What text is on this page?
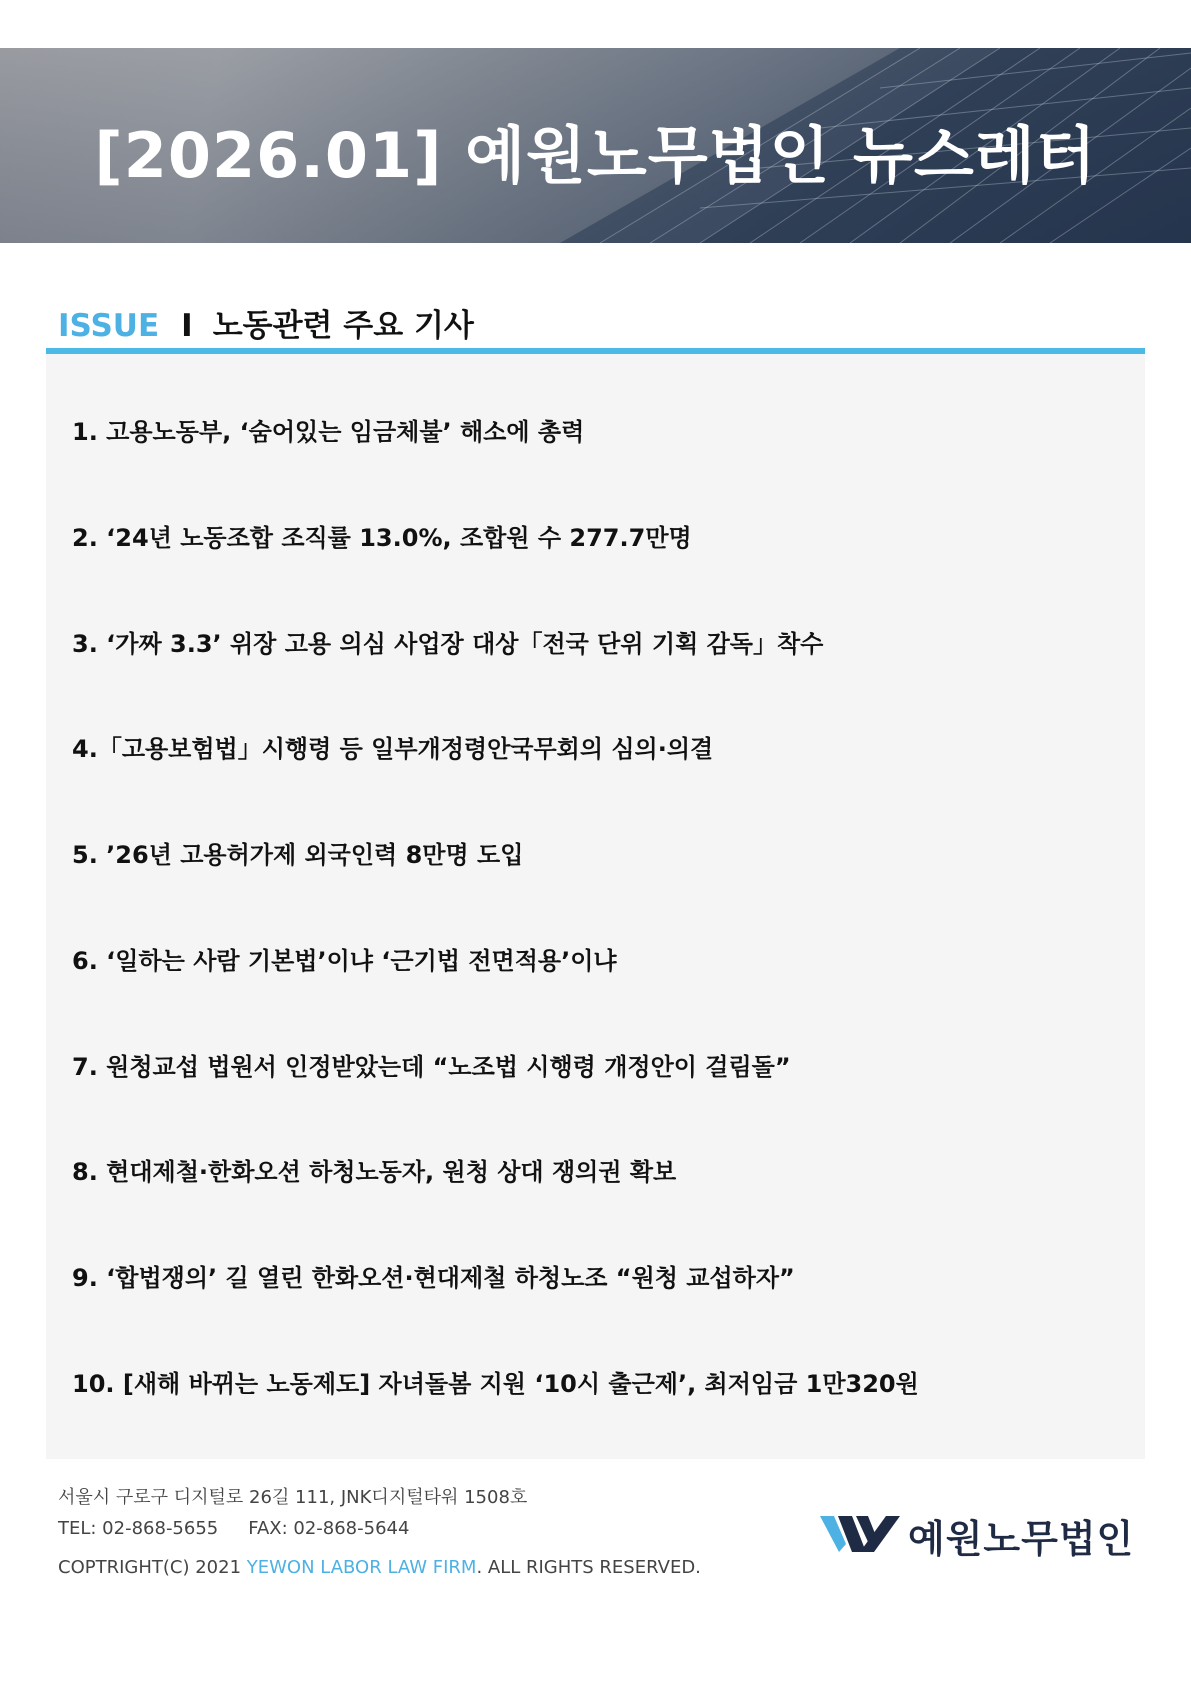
[2026.01] 예원노무법인 뉴스레터
ISSUE I 노동관련 주요 기사
1. 고용노동부, ‘숨어있는 임금체불’ 해소에 총력
2. ‘24년 노동조합 조직률 13.0%, 조합원 수 277.7만명
3. ‘가짜 3.3’ 위장 고용 의심 사업장 대상「전국 단위 기획 감독」착수
4.「고용보험법」시행령 등 일부개정령안국무회의 심의·의결
5. ’26년 고용허가제 외국인력 8만명 도입
6. ‘일하는 사람 기본법’이냐 ‘근기법 전면적용’이냐
7. 원청교섭 법원서 인정받았는데 “노조법 시행령 개정안이 걸림돌”
8. 현대제철·한화오션 하청노동자, 원청 상대 쟁의권 확보
9. ‘합법쟁의’ 길 열린 한화오션·현대제철 하청노조 “원청 교섭하자”
10. [새해 바뀌는 노동제도] 자녀돌봄 지원 ‘10시 출근제’, 최저임금 1만320원
서울시 구로구 디지털로 26길 111, JNK디지털타워 1508호
TEL: 02-868-5655 FAX: 02-868-5644
COPTRIGHT(C) 2021 YEWON LABOR LAW FIRM. ALL RIGHTS RESERVED.
예원노무법인
